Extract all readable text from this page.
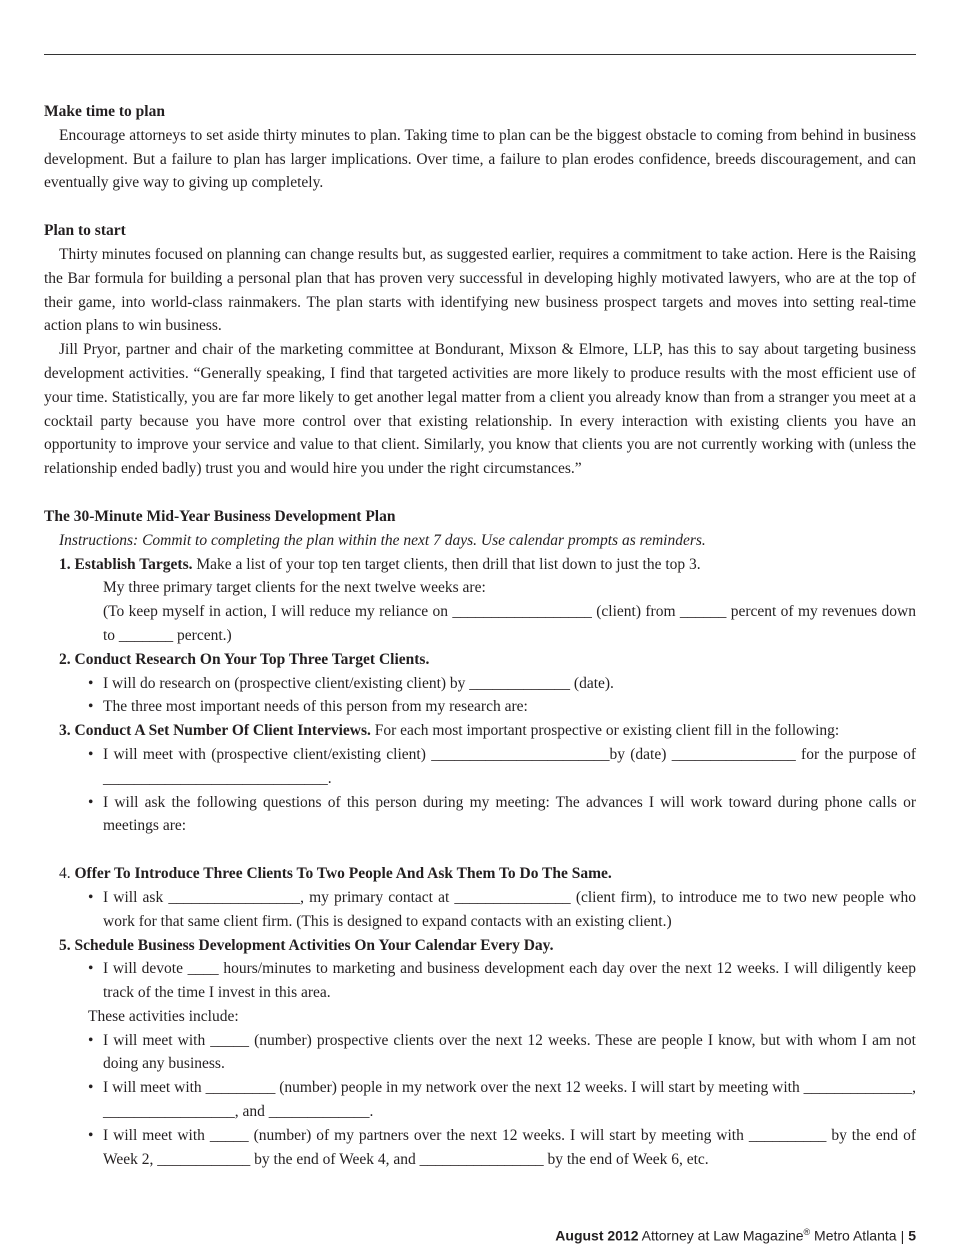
Make time to plan

Encourage attorneys to set aside thirty minutes to plan. Taking time to plan can be the biggest obstacle to coming from behind in business development. But a failure to plan has larger implications. Over time, a failure to plan erodes confidence, breeds discouragement, and can eventually give way to giving up completely.

Plan to start

Thirty minutes focused on planning can change results but, as suggested earlier, requires a commitment to take action. Here is the Raising the Bar formula for building a personal plan that has proven very successful in developing highly motivated lawyers, who are at the top of their game, into world-class rainmakers. The plan starts with identifying new business prospect targets and moves into setting real-time action plans to win business.

Jill Pryor, partner and chair of the marketing committee at Bondurant, Mixson & Elmore, LLP, has this to say about targeting business development activities. “Generally speaking, I find that targeted activities are more likely to produce results with the most efficient use of your time. Statistically, you are far more likely to get another legal matter from a client you already know than from a stranger you meet at a cocktail party because you have more control over that existing relationship. In every interaction with existing clients you have an opportunity to improve your service and value to that client. Similarly, you know that clients you are not currently working with (unless the relationship ended badly) trust you and would hire you under the right circumstances.”

The 30-Minute Mid-Year Business Development Plan

Instructions: Commit to completing the plan within the next 7 days. Use calendar prompts as reminders.

1. Establish Targets. Make a list of your top ten target clients, then drill that list down to just the top 3.

My three primary target clients for the next twelve weeks are:

(To keep myself in action, I will reduce my reliance on __________________ (client) from ______ percent of my revenues down to _______ percent.)

2. Conduct Research On Your Top Three Target Clients.

• I will do research on (prospective client/existing client) by _____________ (date).

• The three most important needs of this person from my research are:

3. Conduct A Set Number Of Client Interviews. For each most important prospective or existing client fill in the following:

• I will meet with (prospective client/existing client) _______________________by (date) ________________ for the purpose of _____________________________.

• I will ask the following questions of this person during my meeting: The advances I will work toward during phone calls or meetings are:

4. Offer To Introduce Three Clients To Two People And Ask Them To Do The Same.

• I will ask _________________, my primary contact at _______________ (client firm), to introduce me to two new people who work for that same client firm. (This is designed to expand contacts with an existing client.)

5. Schedule Business Development Activities On Your Calendar Every Day.

• I will devote ____ hours/minutes to marketing and business development each day over the next 12 weeks. I will diligently keep track of the time I invest in this area.

These activities include:

• I will meet with _____ (number) prospective clients over the next 12 weeks. These are people I know, but with whom I am not doing any business.

• I will meet with _________ (number) people in my network over the next 12 weeks. I will start by meeting with ______________, _________________, and _____________.

• I will meet with _____ (number) of my partners over the next 12 weeks. I will start by meeting with __________ by the end of Week 2, ____________ by the end of Week 4, and ________________ by the end of Week 6, etc.

August 2012 Attorney at Law Magazine® Metro Atlanta | 5
